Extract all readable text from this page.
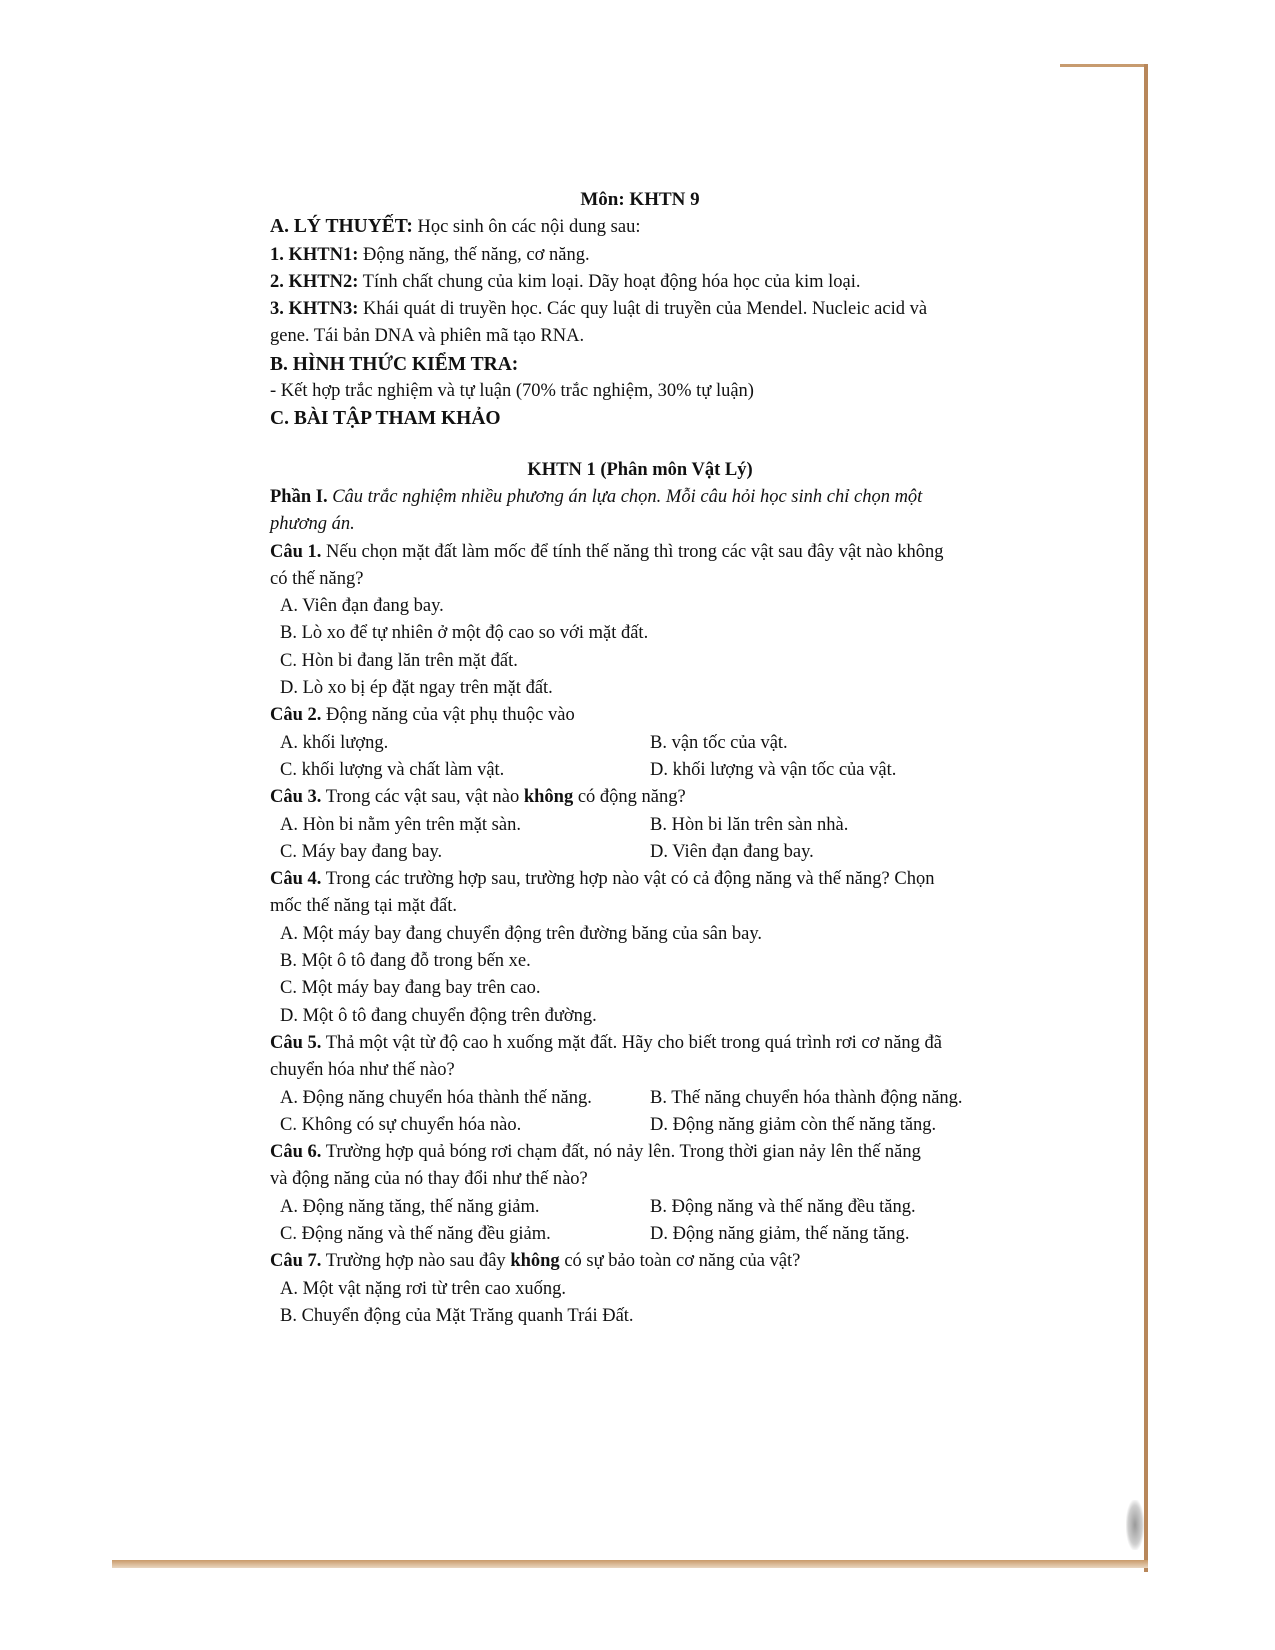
Môn: KHTN 9
A. LÝ THUYẾT: Học sinh ôn các nội dung sau:
1. KHTN1: Động năng, thế năng, cơ năng.
2. KHTN2: Tính chất chung của kim loại. Dãy hoạt động hóa học của kim loại.
3. KHTN3: Khái quát di truyền học. Các quy luật di truyền của Mendel. Nucleic acid và
gene. Tái bản DNA và phiên mã tạo RNA.
B. HÌNH THỨC KIỂM TRA:
- Kết hợp trắc nghiệm và tự luận (70% trắc nghiệm, 30% tự luận)
C. BÀI TẬP THAM KHẢO
KHTN 1 (Phân môn Vật Lý)
Phần I. Câu trắc nghiệm nhiều phương án lựa chọn. Mỗi câu hỏi học sinh chỉ chọn một
phương án.
Câu 1. Nếu chọn mặt đất làm mốc để tính thế năng thì trong các vật sau đây vật nào không
có thế năng?
A. Viên đạn đang bay.
B. Lò xo để tự nhiên ở một độ cao so với mặt đất.
C. Hòn bi đang lăn trên mặt đất.
D. Lò xo bị ép đặt ngay trên mặt đất.
Câu 2. Động năng của vật phụ thuộc vào
A. khối lượng.	B. vận tốc của vật.
C. khối lượng và chất làm vật.	D. khối lượng và vận tốc của vật.
Câu 3. Trong các vật sau, vật nào không có động năng?
A. Hòn bi nằm yên trên mặt sàn.	B. Hòn bi lăn trên sàn nhà.
C. Máy bay đang bay.	D. Viên đạn đang bay.
Câu 4. Trong các trường hợp sau, trường hợp nào vật có cả động năng và thế năng? Chọn
mốc thế năng tại mặt đất.
A. Một máy bay đang chuyển động trên đường băng của sân bay.
B. Một ô tô đang đỗ trong bến xe.
C. Một máy bay đang bay trên cao.
D. Một ô tô đang chuyển động trên đường.
Câu 5. Thả một vật từ độ cao h xuống mặt đất. Hãy cho biết trong quá trình rơi cơ năng đã
chuyển hóa như thế nào?
A. Động năng chuyển hóa thành thế năng.	B. Thế năng chuyển hóa thành động năng.
C. Không có sự chuyển hóa nào.	D. Động năng giảm còn thế năng tăng.
Câu 6. Trường hợp quả bóng rơi chạm đất, nó nảy lên. Trong thời gian nảy lên thế năng
và động năng của nó thay đổi như thế nào?
A. Động năng tăng, thế năng giảm.	B. Động năng và thế năng đều tăng.
C. Động năng và thế năng đều giảm.	D. Động năng giảm, thế năng tăng.
Câu 7. Trường hợp nào sau đây không có sự bảo toàn cơ năng của vật?
A. Một vật nặng rơi từ trên cao xuống.
B. Chuyển động của Mặt Trăng quanh Trái Đất.
